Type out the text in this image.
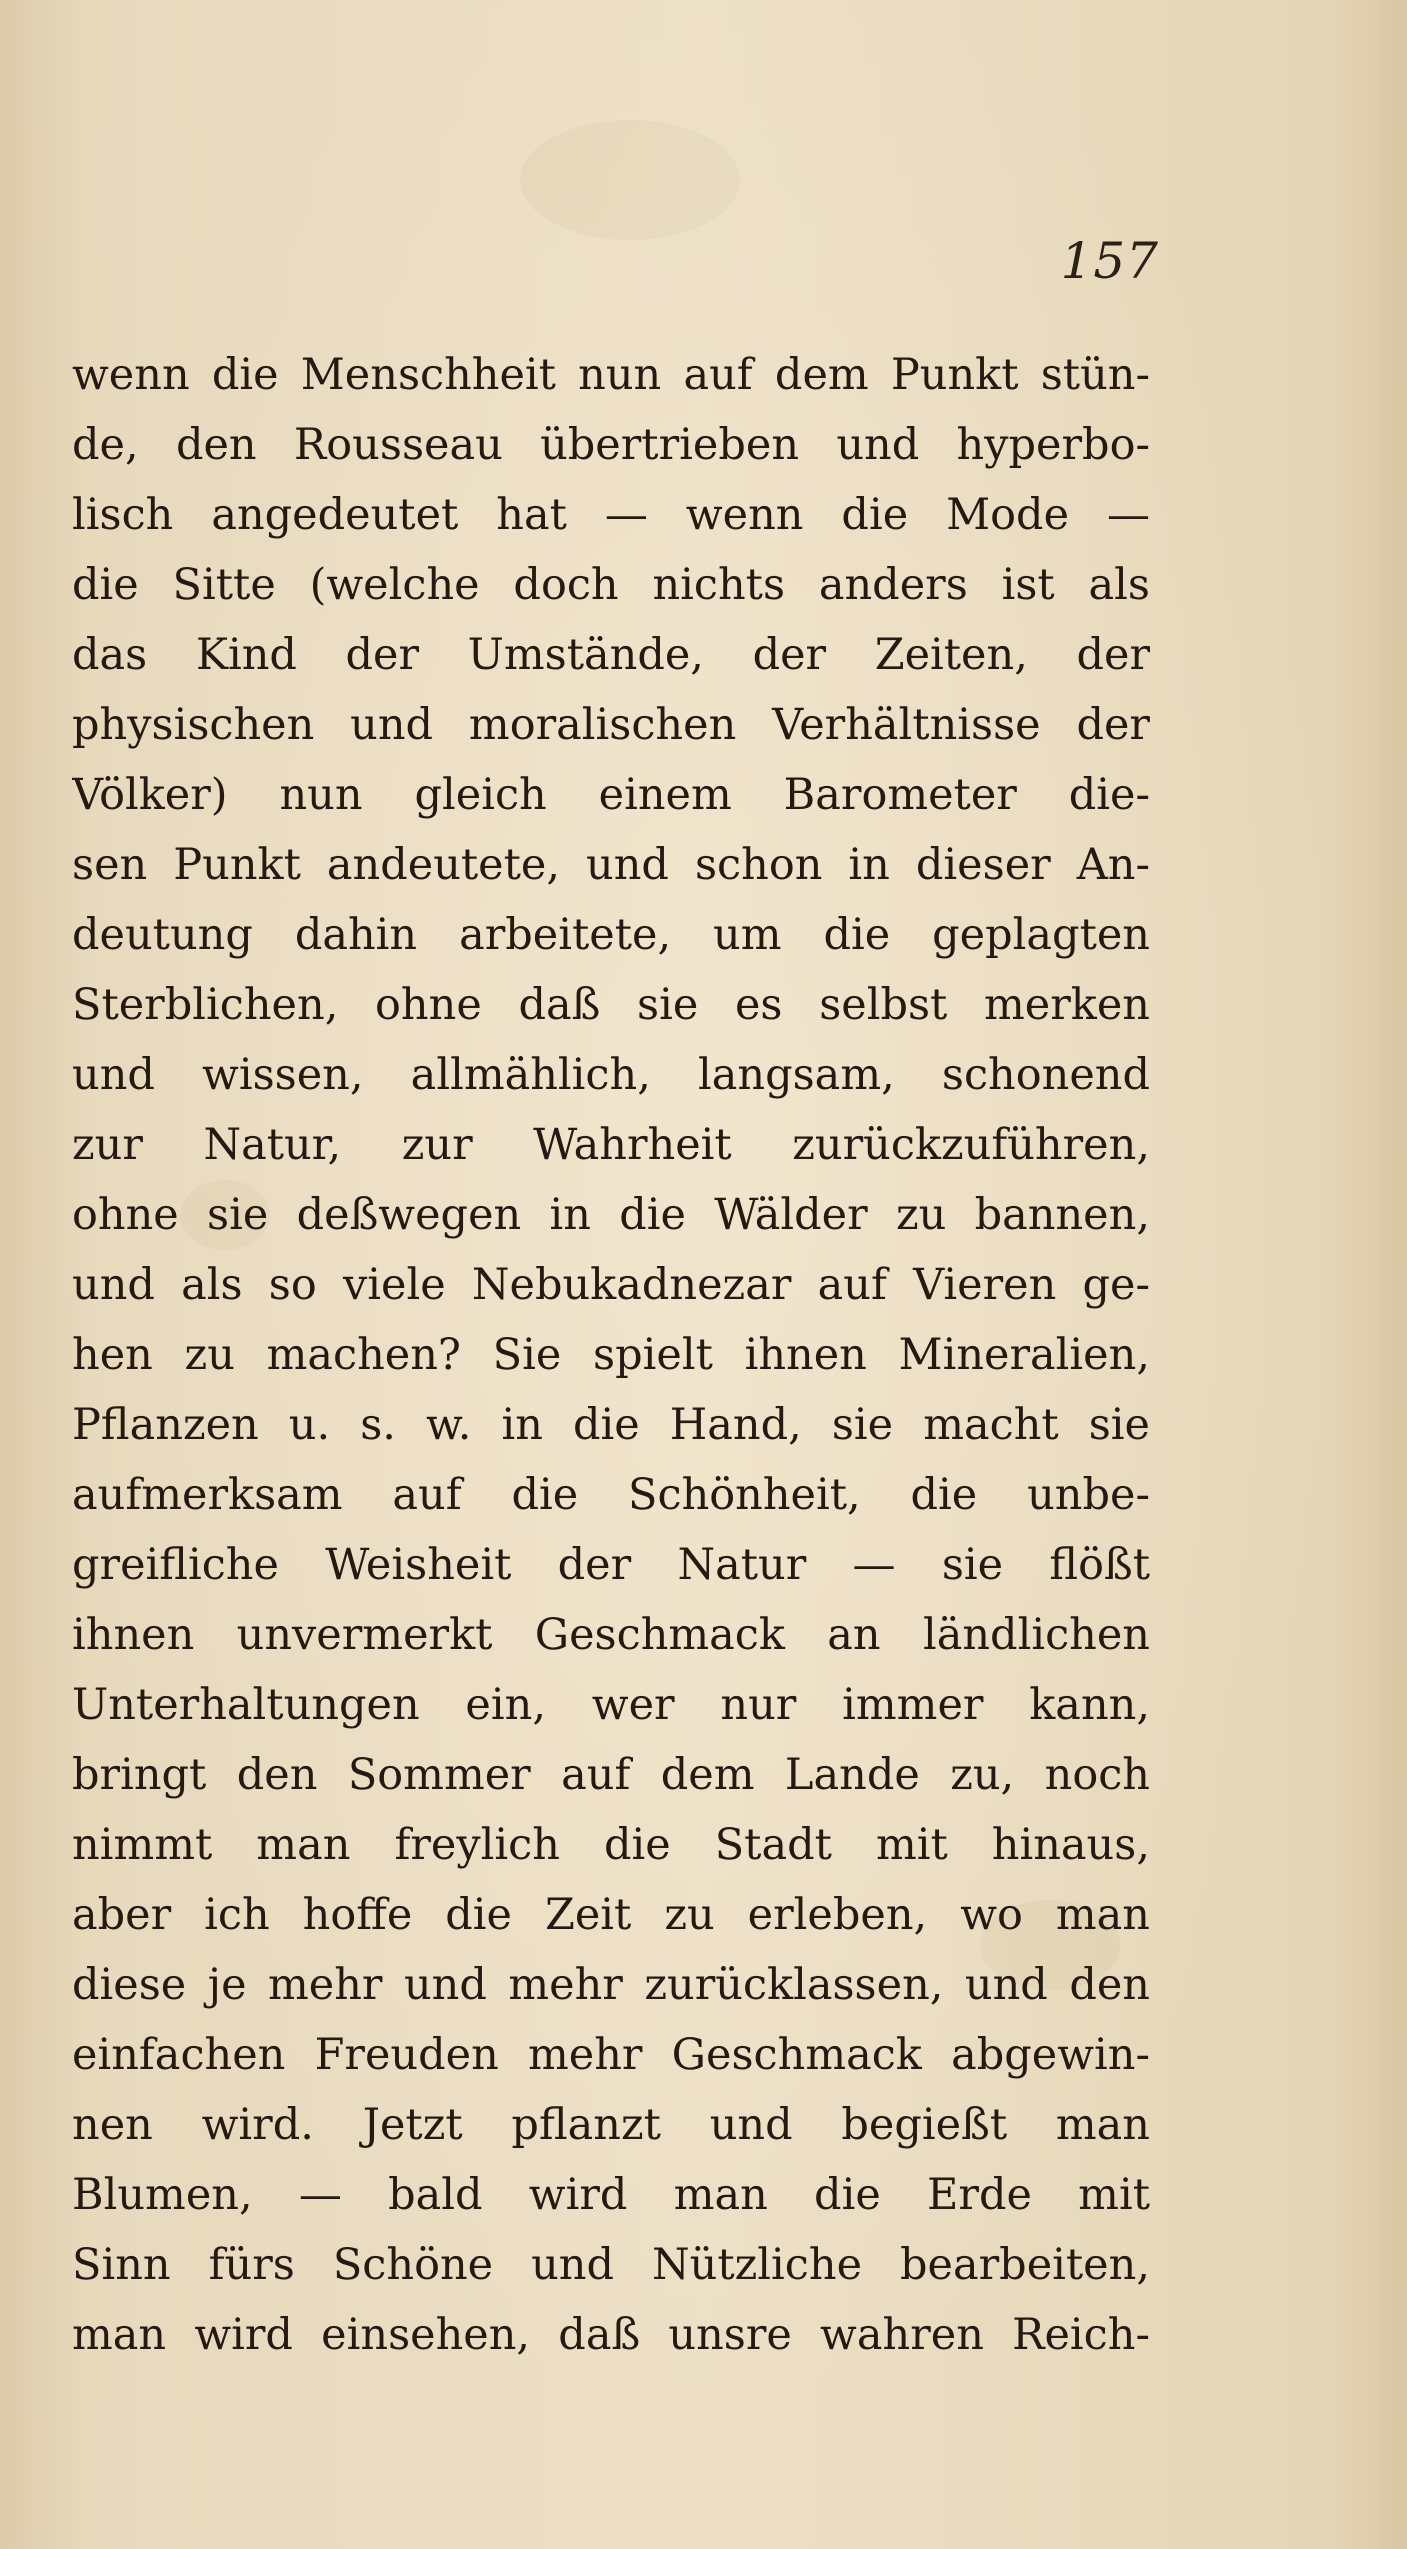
157
wenn die Menschheit nun auf dem Punkt stün-
de, den Rousseau übertrieben und hyperbo-
lisch angedeutet hat — wenn die Mode —
die Sitte (welche doch nichts anders ist als
das Kind der Umstände, der Zeiten, der
physischen und moralischen Verhältnisse der
Völker) nun gleich einem Barometer die-
sen Punkt andeutete, und schon in dieser An-
deutung dahin arbeitete, um die geplagten
Sterblichen, ohne daß sie es selbst merken
und wissen, allmählich, langsam, schonend
zur Natur, zur Wahrheit zurückzuführen,
ohne sie deßwegen in die Wälder zu bannen,
und als so viele Nebukadnezar auf Vieren ge-
hen zu machen? Sie spielt ihnen Mineralien,
Pflanzen u. s. w. in die Hand, sie macht sie
aufmerksam auf die Schönheit, die unbe-
greifliche Weisheit der Natur — sie flößt
ihnen unvermerkt Geschmack an ländlichen
Unterhaltungen ein, wer nur immer kann,
bringt den Sommer auf dem Lande zu, noch
nimmt man freylich die Stadt mit hinaus,
aber ich hoffe die Zeit zu erleben, wo man
diese je mehr und mehr zurücklassen, und den
einfachen Freuden mehr Geschmack abgewin-
nen wird. Jetzt pflanzt und begießt man
Blumen, — bald wird man die Erde mit
Sinn fürs Schöne und Nützliche bearbeiten,
man wird einsehen, daß unsre wahren Reich-
